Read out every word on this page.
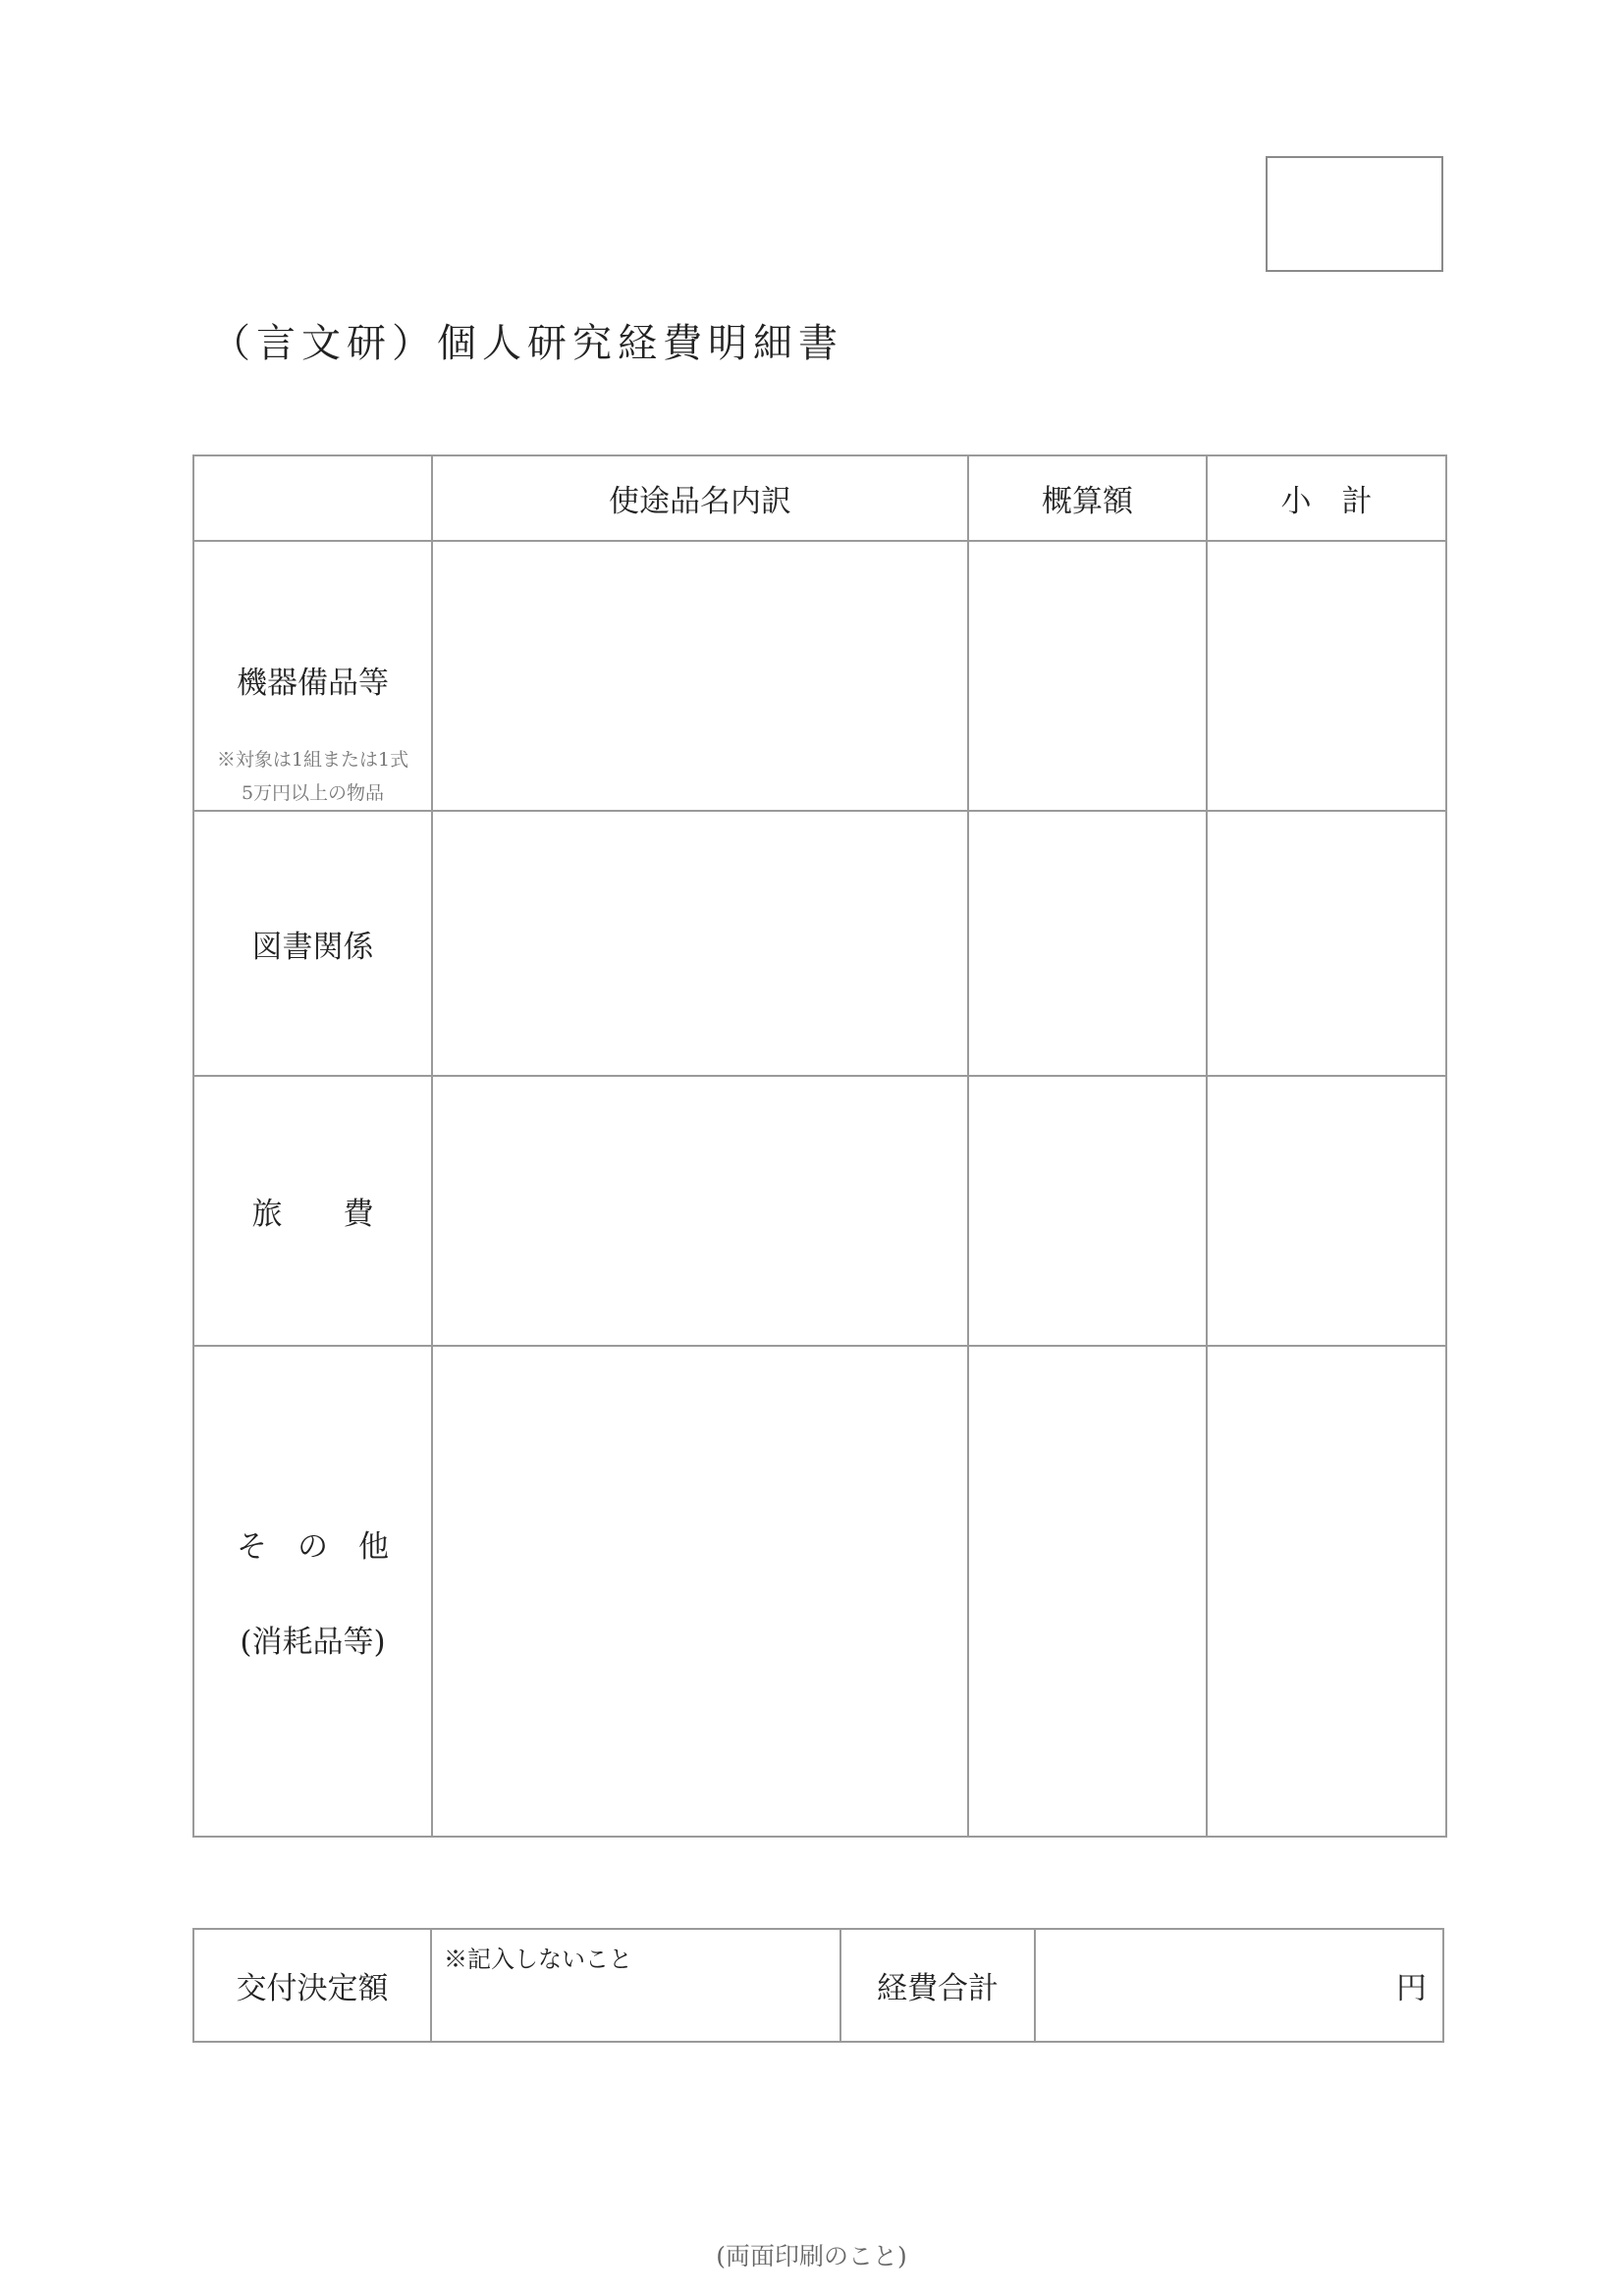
（言文研）個人研究経費明細書
	使途品名内訳	概算額	小　計

機器備品等
※対象は1組または1式
5万円以上の物品			

図書関係			

旅　　費			

そ　の　他
(消耗品等)			

交付決定額	※記入しないこと	経費合計	円
(両面印刷のこと)
